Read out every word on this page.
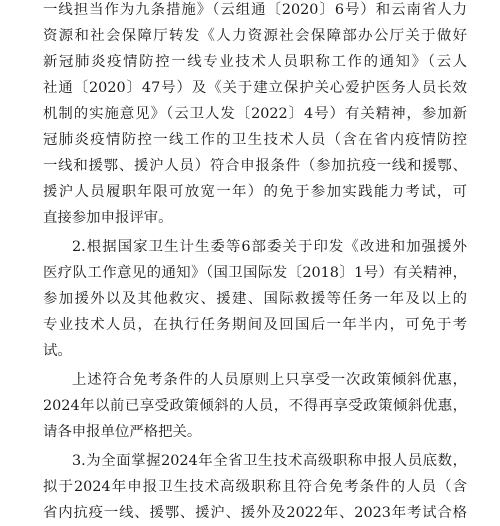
一线担当作为九条措施》（云组通〔2020〕6号）和云南省人力
资源和社会保障厅转发《人力资源社会保障部办公厅关于做好
新冠肺炎疫情防控一线专业技术人员职称工作的通知》（云人
社通〔2020〕47号）及《关于建立保护关心爱护医务人员长效
机制的实施意见》（云卫人发〔2022〕4号）有关精神，参加新
冠肺炎疫情防控一线工作的卫生技术人员（含在省内疫情防控
一线和援鄂、援沪人员）符合申报条件（参加抗疫一线和援鄂、
援沪人员履职年限可放宽一年）的免于参加实践能力考试，可
直接参加申报评审。
2.根据国家卫生计生委等6部委关于印发《改进和加强援外
医疗队工作意见的通知》（国卫国际发〔2018〕1号）有关精神，
参加援外以及其他救灾、援建、国际救援等任务一年及以上的
专业技术人员，在执行任务期间及回国后一年半内，可免于考
试。
上述符合免考条件的人员原则上只享受一次政策倾斜优惠，
2024年以前已享受政策倾斜的人员，不得再享受政策倾斜优惠，
请各申报单位严格把关。
3.为全面掌握2024年全省卫生技术高级职称申报人员底数，
拟于2024年申报卫生技术高级职称且符合免考条件的人员（含
省内抗疫一线、援鄂、援沪、援外及2022年、2023年考试合格
